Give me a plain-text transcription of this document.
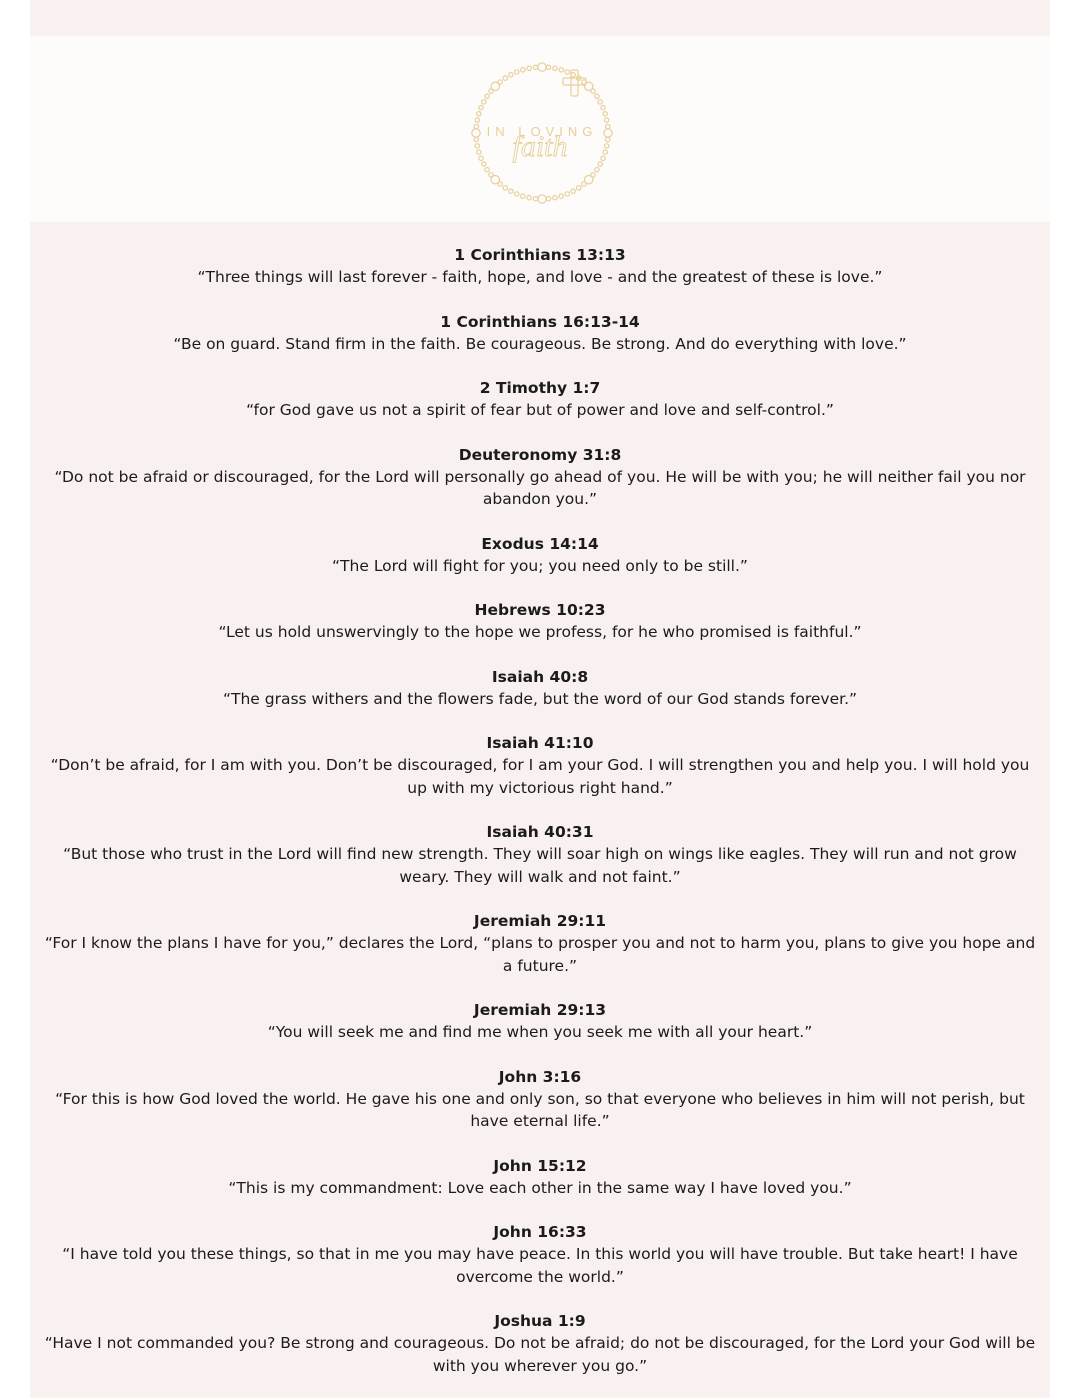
IN LOVING
faith
1 Corinthians 13:13
“Three things will last forever - faith, hope, and love - and the greatest of these is love.”
1 Corinthians 16:13-14
“Be on guard. Stand firm in the faith. Be courageous. Be strong. And do everything with love.”
2 Timothy 1:7
“for God gave us not a spirit of fear but of power and love and self-control.”
Deuteronomy 31:8
“Do not be afraid or discouraged, for the Lord will personally go ahead of you. He will be with you; he will neither fail you nor abandon you.”
Exodus 14:14
“The Lord will fight for you; you need only to be still.”
Hebrews 10:23
“Let us hold unswervingly to the hope we profess, for he who promised is faithful.”
Isaiah 40:8
“The grass withers and the flowers fade, but the word of our God stands forever.”
Isaiah 41:10
“Don’t be afraid, for I am with you. Don’t be discouraged, for I am your God. I will strengthen you and help you. I will hold you up with my victorious right hand.”
Isaiah 40:31
“But those who trust in the Lord will find new strength. They will soar high on wings like eagles. They will run and not grow weary. They will walk and not faint.”
Jeremiah 29:11
“For I know the plans I have for you,” declares the Lord, “plans to prosper you and not to harm you, plans to give you hope and a future.”
Jeremiah 29:13
“You will seek me and find me when you seek me with all your heart.”
John 3:16
“For this is how God loved the world. He gave his one and only son, so that everyone who believes in him will not perish, but have eternal life.”
John 15:12
“This is my commandment: Love each other in the same way I have loved you.”
John 16:33
“I have told you these things, so that in me you may have peace. In this world you will have trouble. But take heart! I have overcome the world.”
Joshua 1:9
“Have I not commanded you? Be strong and courageous. Do not be afraid; do not be discouraged, for the Lord your God will be with you wherever you go.”
